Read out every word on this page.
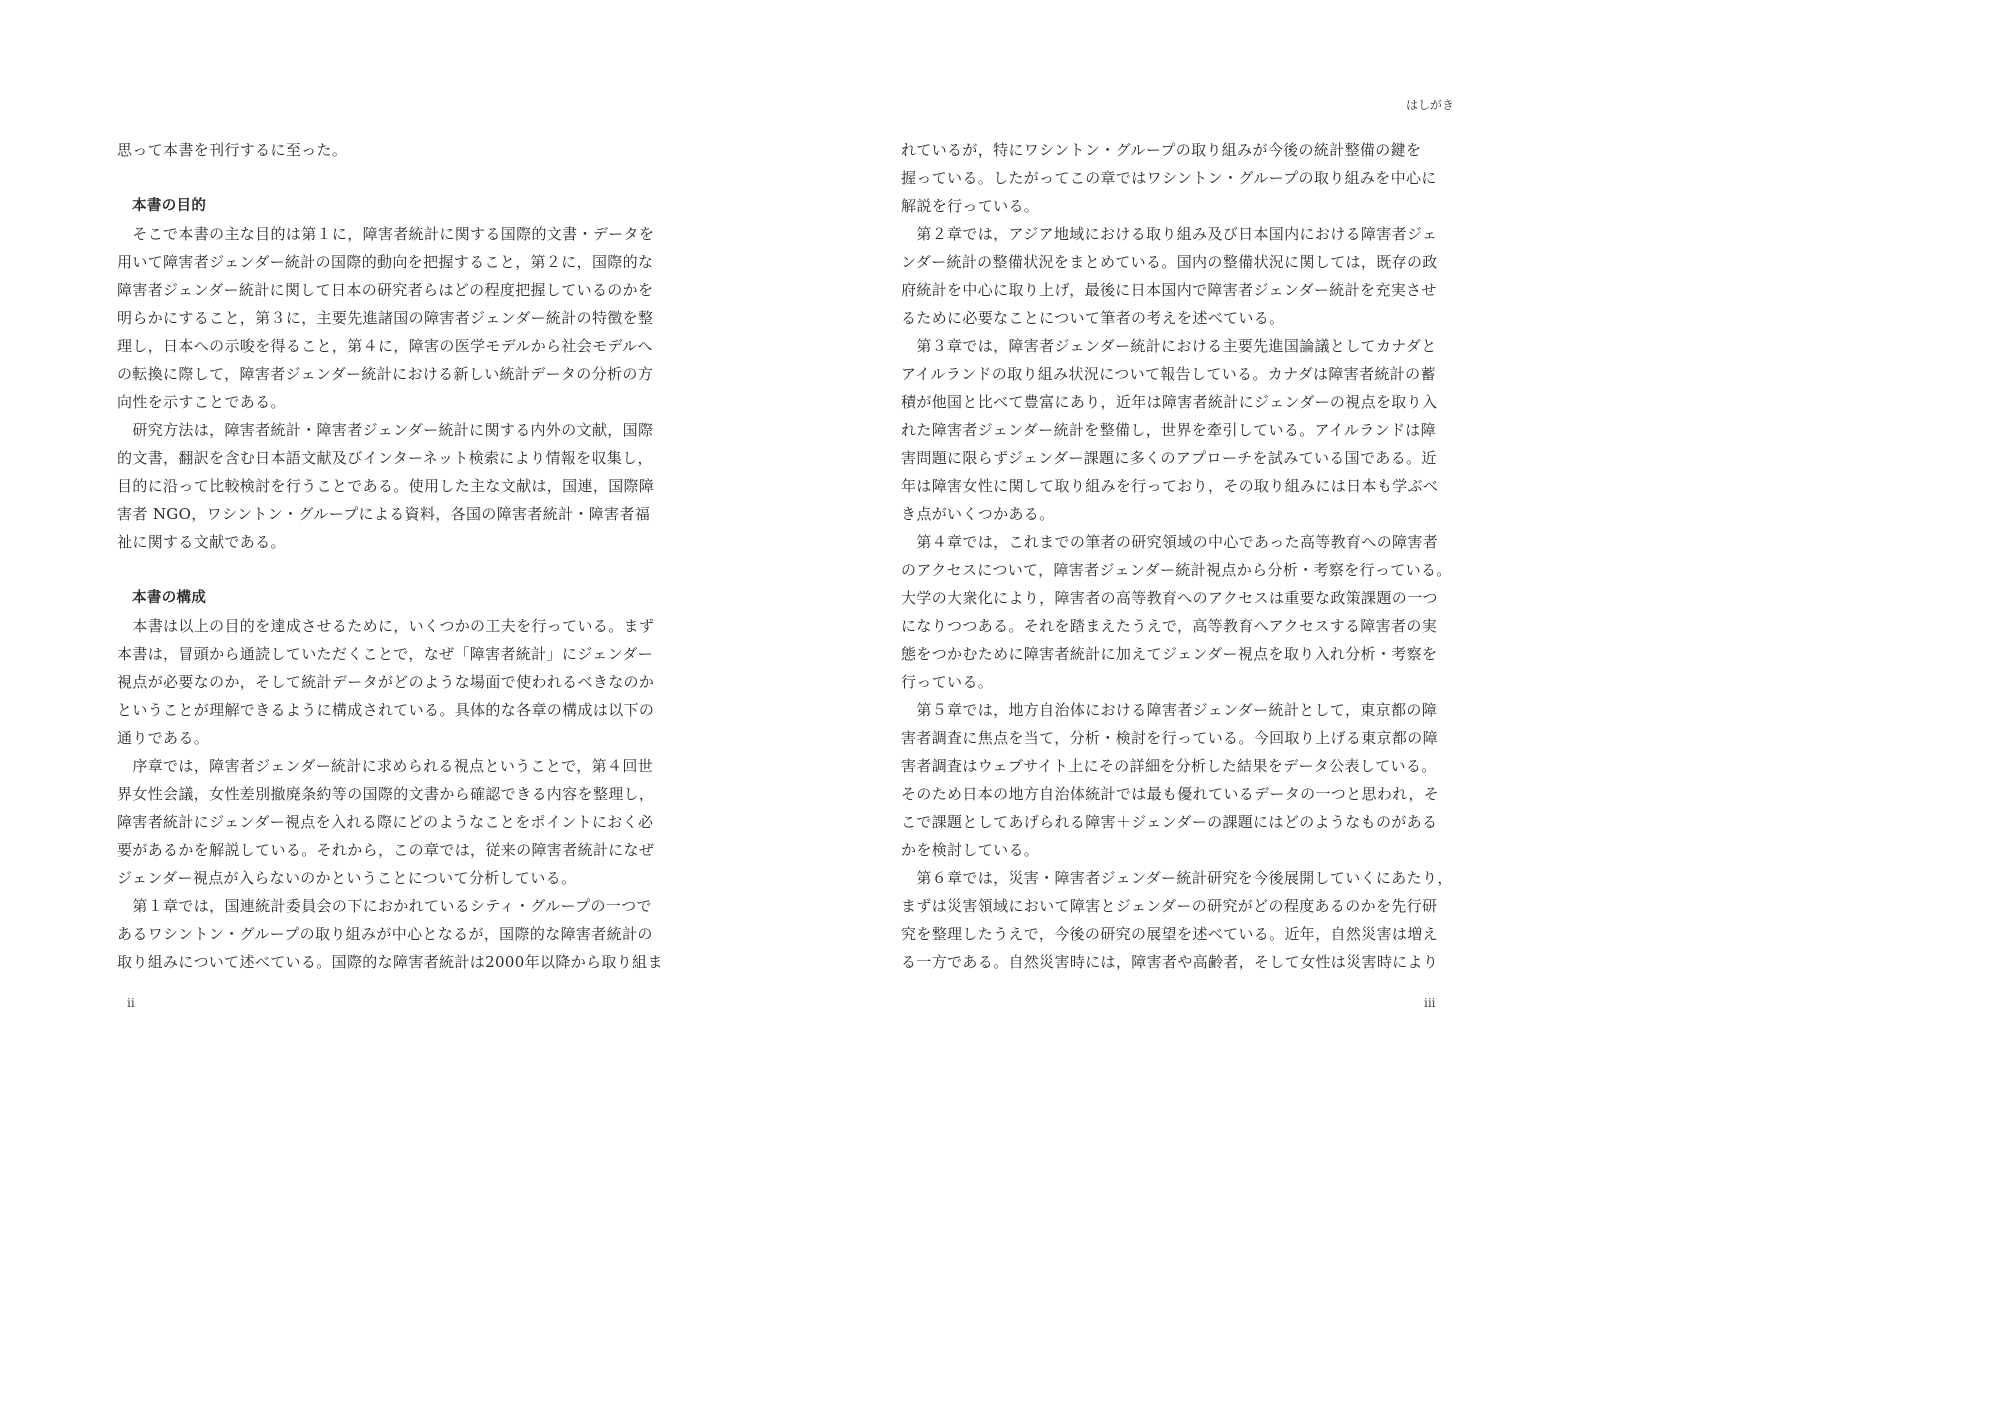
思って本書を刊行するに至った。
本書の目的
　そこで本書の主な目的は第１に，障害者統計に関する国際的文書・データを
用いて障害者ジェンダー統計の国際的動向を把握すること，第２に，国際的な
障害者ジェンダー統計に関して日本の研究者らはどの程度把握しているのかを
明らかにすること，第３に，主要先進諸国の障害者ジェンダー統計の特徴を整
理し，日本への示唆を得ること，第４に，障害の医学モデルから社会モデルへ
の転換に際して，障害者ジェンダー統計における新しい統計データの分析の方
向性を示すことである。
　研究方法は，障害者統計・障害者ジェンダー統計に関する内外の文献，国際
的文書，翻訳を含む日本語文献及びインターネット検索により情報を収集し，
目的に沿って比較検討を行うことである。使用した主な文献は，国連，国際障
害者 NGO，ワシントン・グループによる資料，各国の障害者統計・障害者福
祉に関する文献である。
本書の構成
　本書は以上の目的を達成させるために，いくつかの工夫を行っている。まず
本書は，冒頭から通読していただくことで，なぜ「障害者統計」にジェンダー
視点が必要なのか，そして統計データがどのような場面で使われるべきなのか
ということが理解できるように構成されている。具体的な各章の構成は以下の
通りである。
　序章では，障害者ジェンダー統計に求められる視点ということで，第４回世
界女性会議，女性差別撤廃条約等の国際的文書から確認できる内容を整理し，
障害者統計にジェンダー視点を入れる際にどのようなことをポイントにおく必
要があるかを解説している。それから，この章では，従来の障害者統計になぜ
ジェンダー視点が入らないのかということについて分析している。
　第１章では，国連統計委員会の下におかれているシティ・グループの一つで
あるワシントン・グループの取り組みが中心となるが，国際的な障害者統計の
取り組みについて述べている。国際的な障害者統計は2000年以降から取り組ま
ii
はしがき
れているが，特にワシントン・グループの取り組みが今後の統計整備の鍵を
握っている。したがってこの章ではワシントン・グループの取り組みを中心に
解説を行っている。
　第２章では，アジア地域における取り組み及び日本国内における障害者ジェ
ンダー統計の整備状況をまとめている。国内の整備状況に関しては，既存の政
府統計を中心に取り上げ，最後に日本国内で障害者ジェンダー統計を充実させ
るために必要なことについて筆者の考えを述べている。
　第３章では，障害者ジェンダー統計における主要先進国論議としてカナダと
アイルランドの取り組み状況について報告している。カナダは障害者統計の蓄
積が他国と比べて豊富にあり，近年は障害者統計にジェンダーの視点を取り入
れた障害者ジェンダー統計を整備し，世界を牽引している。アイルランドは障
害問題に限らずジェンダー課題に多くのアプローチを試みている国である。近
年は障害女性に関して取り組みを行っており，その取り組みには日本も学ぶべ
き点がいくつかある。
　第４章では，これまでの筆者の研究領域の中心であった高等教育への障害者
のアクセスについて，障害者ジェンダー統計視点から分析・考察を行っている。
大学の大衆化により，障害者の高等教育へのアクセスは重要な政策課題の一つ
になりつつある。それを踏まえたうえで，高等教育へアクセスする障害者の実
態をつかむために障害者統計に加えてジェンダー視点を取り入れ分析・考察を
行っている。
　第５章では，地方自治体における障害者ジェンダー統計として，東京都の障
害者調査に焦点を当て，分析・検討を行っている。今回取り上げる東京都の障
害者調査はウェブサイト上にその詳細を分析した結果をデータ公表している。
そのため日本の地方自治体統計では最も優れているデータの一つと思われ，そ
こで課題としてあげられる障害＋ジェンダーの課題にはどのようなものがある
かを検討している。
　第６章では，災害・障害者ジェンダー統計研究を今後展開していくにあたり，
まずは災害領域において障害とジェンダーの研究がどの程度あるのかを先行研
究を整理したうえで，今後の研究の展望を述べている。近年，自然災害は増え
る一方である。自然災害時には，障害者や高齢者，そして女性は災害時により
iii
